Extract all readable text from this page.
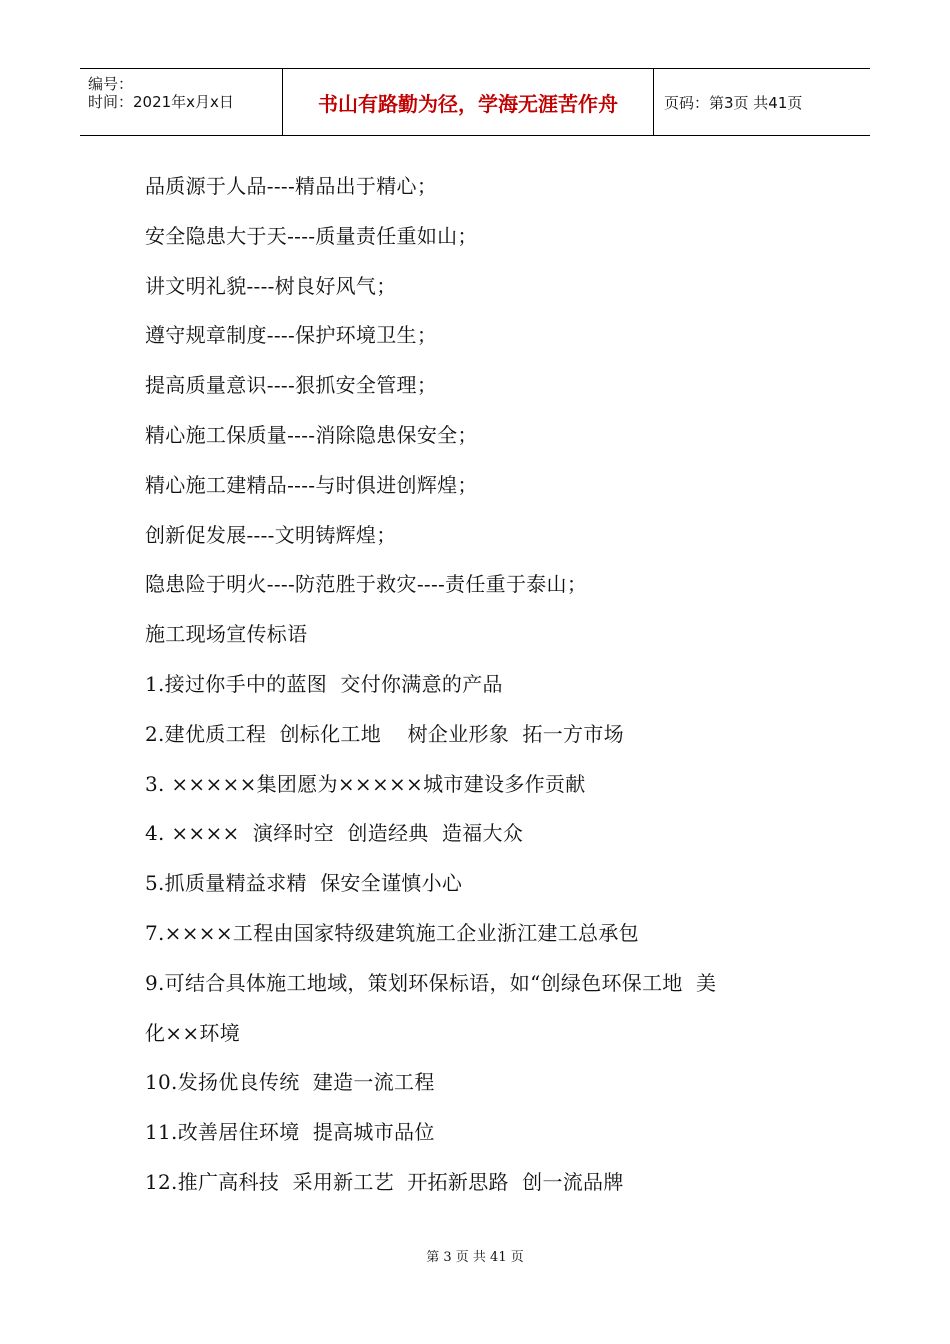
编号：
时间：2021年x月x日	书山有路勤为径，学海无涯苦作舟	页码：第3页 共41页
品质源于人品----精品出于精心；
安全隐患大于天----质量责任重如山；
讲文明礼貌----树良好风气；
遵守规章制度----保护环境卫生；
提高质量意识----狠抓安全管理；
精心施工保质量----消除隐患保安全；
精心施工建精品----与时俱进创辉煌；
创新促发展----文明铸辉煌；
隐患险于明火----防范胜于救灾----责任重于泰山；
施工现场宣传标语
1.接过你手中的蓝图  交付你满意的产品
2.建优质工程  创标化工地    树企业形象  拓一方市场
3. ×××××集团愿为×××××城市建设多作贡献
4. ××××  演绎时空  创造经典  造福大众
5.抓质量精益求精  保安全谨慎小心
7.××××工程由国家特级建筑施工企业浙江建工总承包
9.可结合具体施工地域，策划环保标语，如“创绿色环保工地  美
化××环境
10.发扬优良传统  建造一流工程
11.改善居住环境  提高城市品位
12.推广高科技  采用新工艺  开拓新思路  创一流品牌
第 3 页 共 41 页
